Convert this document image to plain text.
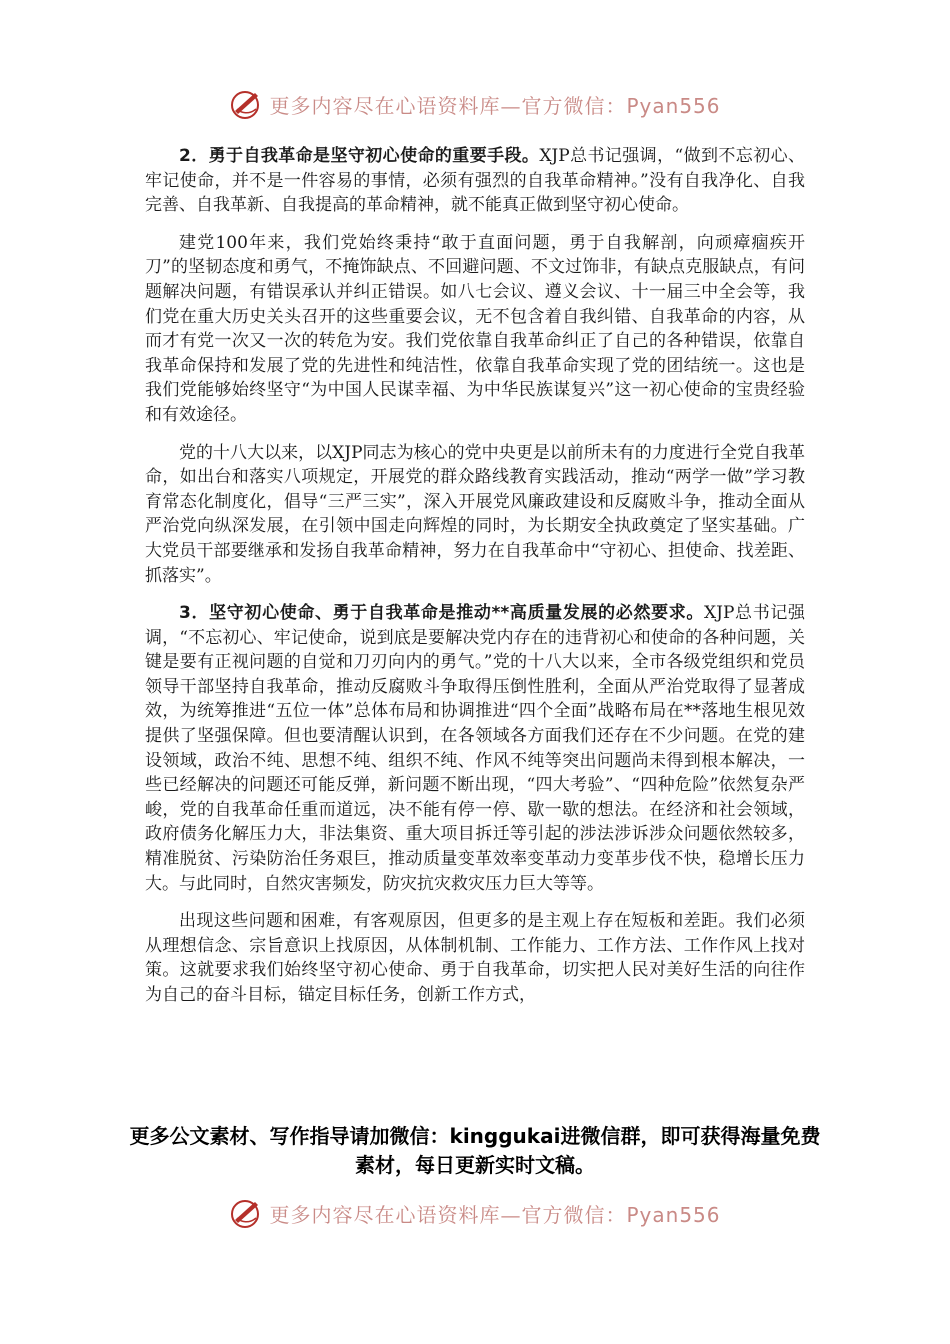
更多内容尽在心语资料库—官方微信：Pyan556

2．勇于自我革命是坚守初心使命的重要手段。XJP总书记强调，“做到不忘初心、牢记使命，并不是一件容易的事情，必须有强烈的自我革命精神。”没有自我净化、自我完善、自我革新、自我提高的革命精神，就不能真正做到坚守初心使命。

建党100年来，我们党始终秉持“敢于直面问题，勇于自我解剖，向顽瘴痼疾开刀”的坚韧态度和勇气，不掩饰缺点、不回避问题、不文过饰非，有缺点克服缺点，有问题解决问题，有错误承认并纠正错误。如八七会议、遵义会议、十一届三中全会等，我们党在重大历史关头召开的这些重要会议，无不包含着自我纠错、自我革命的内容，从而才有党一次又一次的转危为安。我们党依靠自我革命纠正了自己的各种错误，依靠自我革命保持和发展了党的先进性和纯洁性，依靠自我革命实现了党的团结统一。这也是我们党能够始终坚守“为中国人民谋幸福、为中华民族谋复兴”这一初心使命的宝贵经验和有效途径。

党的十八大以来，以XJP同志为核心的党中央更是以前所未有的力度进行全党自我革命，如出台和落实八项规定，开展党的群众路线教育实践活动，推动“两学一做”学习教育常态化制度化，倡导“三严三实”，深入开展党风廉政建设和反腐败斗争，推动全面从严治党向纵深发展，在引领中国走向辉煌的同时，为长期安全执政奠定了坚实基础。广大党员干部要继承和发扬自我革命精神，努力在自我革命中“守初心、担使命、找差距、抓落实”。

3．坚守初心使命、勇于自我革命是推动**高质量发展的必然要求。XJP总书记强调，“不忘初心、牢记使命，说到底是要解决党内存在的违背初心和使命的各种问题，关键是要有正视问题的自觉和刀刃向内的勇气。”党的十八大以来，全市各级党组织和党员领导干部坚持自我革命，推动反腐败斗争取得压倒性胜利，全面从严治党取得了显著成效，为统筹推进“五位一体”总体布局和协调推进“四个全面”战略布局在**落地生根见效提供了坚强保障。但也要清醒认识到，在各领域各方面我们还存在不少问题。在党的建设领域，政治不纯、思想不纯、组织不纯、作风不纯等突出问题尚未得到根本解决，一些已经解决的问题还可能反弹，新问题不断出现，“四大考验”、“四种危险”依然复杂严峻，党的自我革命任重而道远，决不能有停一停、歇一歇的想法。在经济和社会领域，政府债务化解压力大，非法集资、重大项目拆迁等引起的涉法涉诉涉众问题依然较多，精准脱贫、污染防治任务艰巨，推动质量变革效率变革动力变革步伐不快，稳增长压力大。与此同时，自然灾害频发，防灾抗灾救灾压力巨大等等。

出现这些问题和困难，有客观原因，但更多的是主观上存在短板和差距。我们必须从理想信念、宗旨意识上找原因，从体制机制、工作能力、工作方法、工作作风上找对策。这就要求我们始终坚守初心使命、勇于自我革命，切实把人民对美好生活的向往作为自己的奋斗目标，锚定目标任务，创新工作方式，

更多公文素材、写作指导请加微信：kinggukai进微信群，即可获得海量免费素材，每日更新实时文稿。
更多内容尽在心语资料库—官方微信：Pyan556
